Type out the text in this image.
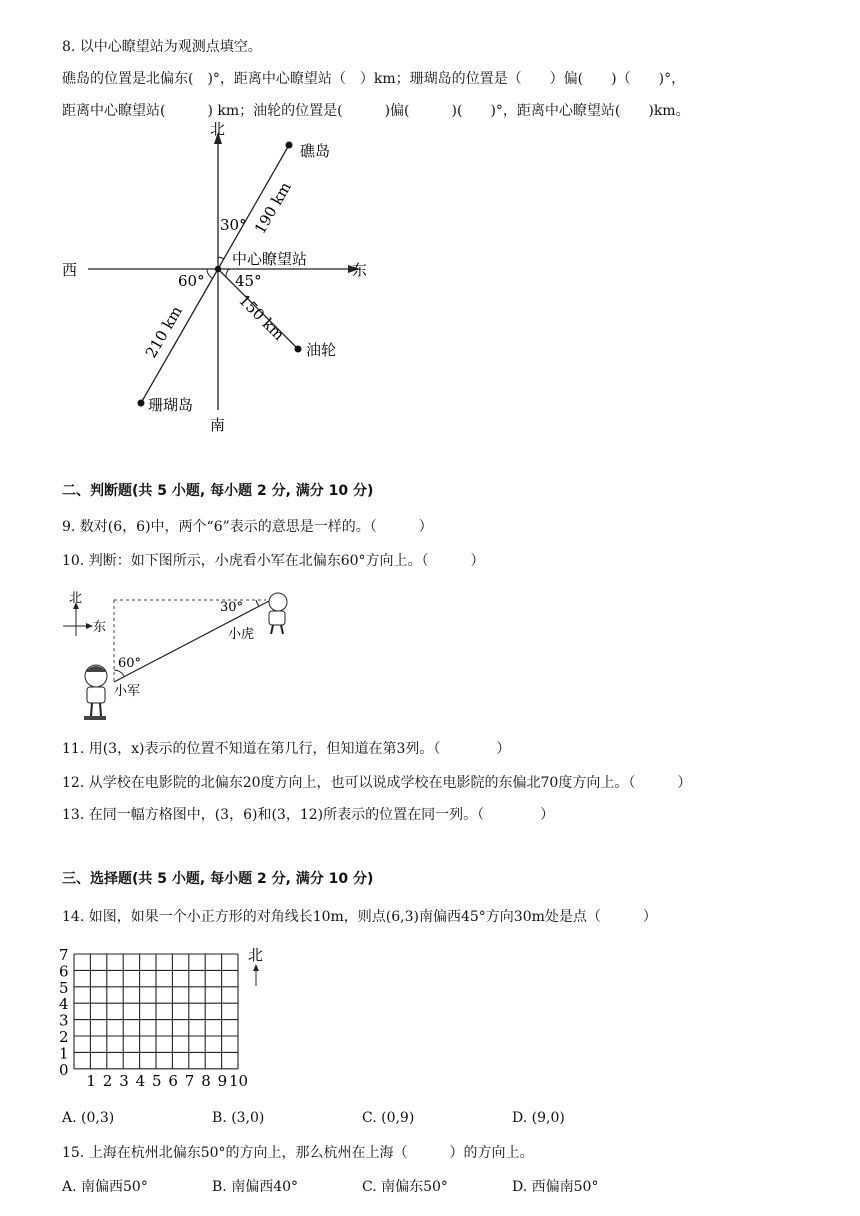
8. 以中心瞭望站为观测点填空。
礁岛的位置是北偏东(　)°，距离中心瞭望站（　）km；珊瑚岛的位置是（　　）偏(　　)（　　)°，
距离中心瞭望站(　　　) km；油轮的位置是(　　　)偏(　　　)(　　)°，距离中心瞭望站(　　)km。
北
南
西	东
礁岛
油轮
珊瑚岛
中心瞭望站
30°
45°
60°
190 km
150 km
210 km
二、判断题(共 5 小题, 每小题 2 分, 满分 10 分)
9. 数对(6，6)中，两个“6”表示的意思是一样的。（　　　）
10. 判断：如下图所示，小虎看小军在北偏东60°方向上。（　　　）
北
东
30°
60°
小虎
小军
11. 用(3，x)表示的位置不知道在第几行，但知道在第3列。（　　　　）
12. 从学校在电影院的北偏东20度方向上，也可以说成学校在电影院的东偏北70度方向上。（　　　）
13. 在同一幅方格图中，(3，6)和(3，12)所表示的位置在同一列。（　　　　）
三、选择题(共 5 小题, 每小题 2 分, 满分 10 分)
14. 如图，如果一个小正方形的对角线长10m，则点(6,3)南偏西45°方向30m处是点（　　　）
7
6
5
4
3
2
1
0
1 2 3 4 5 6 7 8 9 10
北
A. (0,3)	B. (3,0)	C. (0,9)	D. (9,0)
15. 上海在杭州北偏东50°的方向上，那么杭州在上海（　　　）的方向上。
A. 南偏西50°	B. 南偏西40°	C. 南偏东50°	D. 西偏南50°
